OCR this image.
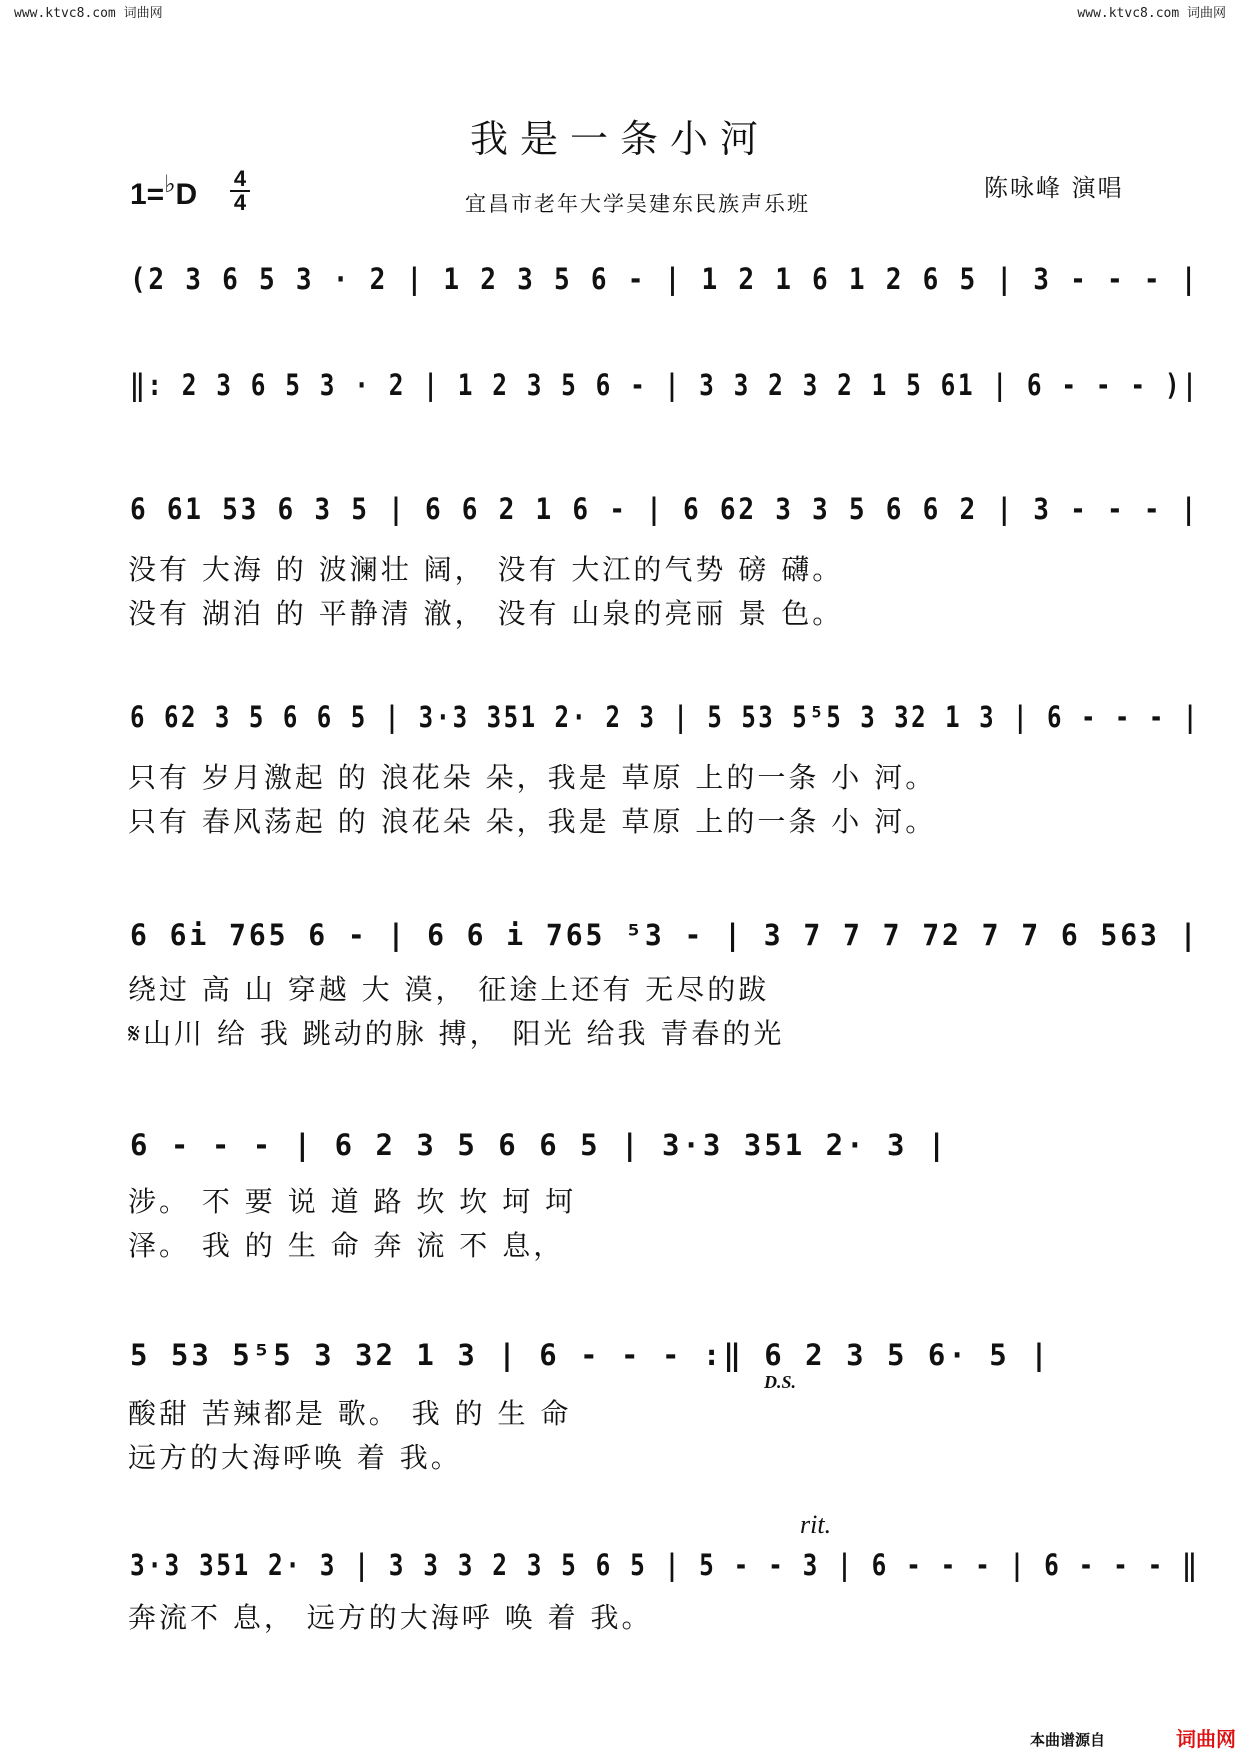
www.ktvc8.com 词曲网	www.ktvc8.com 词曲网
我是一条小河
1=♭D 4
4	宜昌市老年大学吴建东民族声乐班
陈咏峰 演唱
(2 3 6 5 3 · 2 | 1 2 3 5 6 - | 1 2 1 6 1 2 6 5 | 3 - - - |
‖: 2 3 6 5 3 · 2 | 1 2 3 5 6 - | 3 3 2 3 2 1 5 61 | 6 - - - )|
6 61 53 6 3 5 | 6 6 2 1 6 - | 6 62 3 3 5 6 6 2 | 3 - - - |
没有 大海 的 波澜壮 阔， 没有 大江的气势 磅 礴。
没有 湖泊 的 平静清 澈， 没有 山泉的亮丽 景 色。
6 62 3 5 6 6 5 | 3·3 351 2· 2 3 | 5 53 5⁵5 3 32 1 3 | 6 - - - |
只有 岁月激起 的 浪花朵 朵，我是 草原 上的一条 小 河。
只有 春风荡起 的 浪花朵 朵，我是 草原 上的一条 小 河。
6 6i 765 6 - | 6 6 i 765 ⁵3 - | 3 7 7 7 72 7 7 6 563 |
绕过 高 山 穿越 大 漠， 征途上还有 无尽的跋
𝄋山川 给 我 跳动的脉 搏， 阳光 给我 青春的光
6 - - - | 6 2 3 5 6 6 5 | 3·3 351 2· 3 |
涉。 不 要 说 道 路 坎 坎 坷 坷
泽。 我 的 生 命 奔 流 不 息，
5 53 5⁵5 3 32 1 3 | 6 - - - :‖ 6 2 3 5 6· 5 |
D.S.
酸甜 苦辣都是 歌。 我 的 生 命
远方的大海呼唤 着 我。
rit.
3·3 351 2· 3 | 3 3 3 2 3 5 6 5 | 5 - - 3 | 6 - - - | 6 - - - ‖
奔流不 息， 远方的大海呼 唤 着 我。
本曲谱源自	词曲网
